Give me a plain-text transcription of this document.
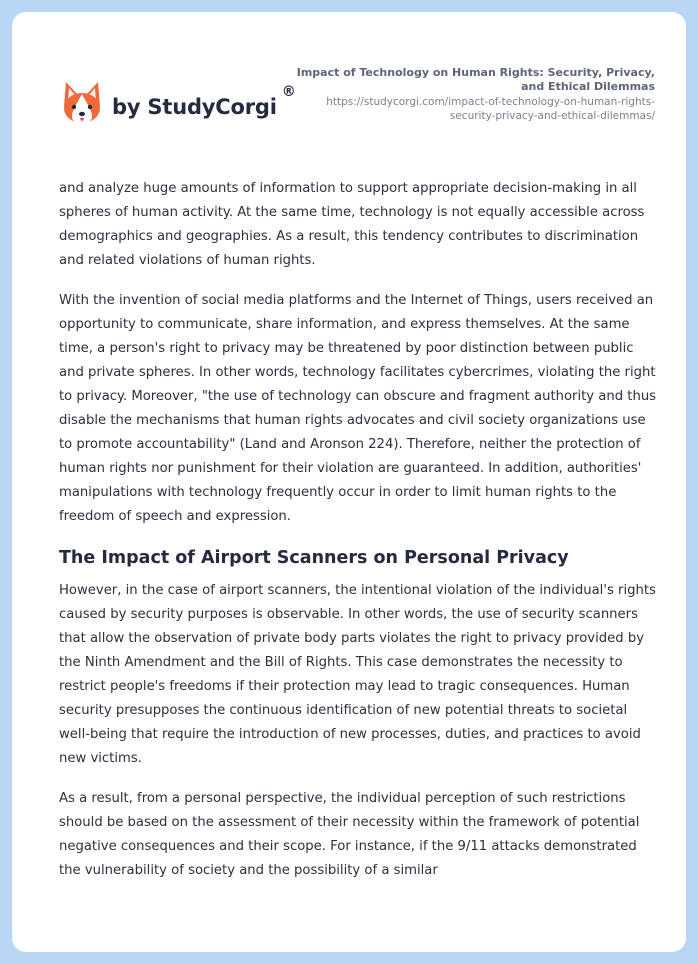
by StudyCorgi
®
Impact of Technology on Human Rights: Security, Privacy, and Ethical Dilemmas
https://studycorgi.com/impact-of-technology-on-human-rights-security-privacy-and-ethical-dilemmas/

and analyze huge amounts of information to support appropriate decision-making in all spheres of human activity. At the same time, technology is not equally accessible across demographics and geographies. As a result, this tendency contributes to discrimination and related violations of human rights.

With the invention of social media platforms and the Internet of Things, users received an opportunity to communicate, share information, and express themselves. At the same time, a person's right to privacy may be threatened by poor distinction between public and private spheres. In other words, technology facilitates cybercrimes, violating the right to privacy. Moreover, "the use of technology can obscure and fragment authority and thus disable the mechanisms that human rights advocates and civil society organizations use to promote accountability" (Land and Aronson 224). Therefore, neither the protection of human rights nor punishment for their violation are guaranteed. In addition, authorities' manipulations with technology frequently occur in order to limit human rights to the freedom of speech and expression.

The Impact of Airport Scanners on Personal Privacy

However, in the case of airport scanners, the intentional violation of the individual's rights caused by security purposes is observable. In other words, the use of security scanners that allow the observation of private body parts violates the right to privacy provided by the Ninth Amendment and the Bill of Rights. This case demonstrates the necessity to restrict people's freedoms if their protection may lead to tragic consequences. Human security presupposes the continuous identification of new potential threats to societal well-being that require the introduction of new processes, duties, and practices to avoid new victims.

As a result, from a personal perspective, the individual perception of such restrictions should be based on the assessment of their necessity within the framework of potential negative consequences and their scope. For instance, if the 9/11 attacks demonstrated the vulnerability of society and the possibility of a similar
